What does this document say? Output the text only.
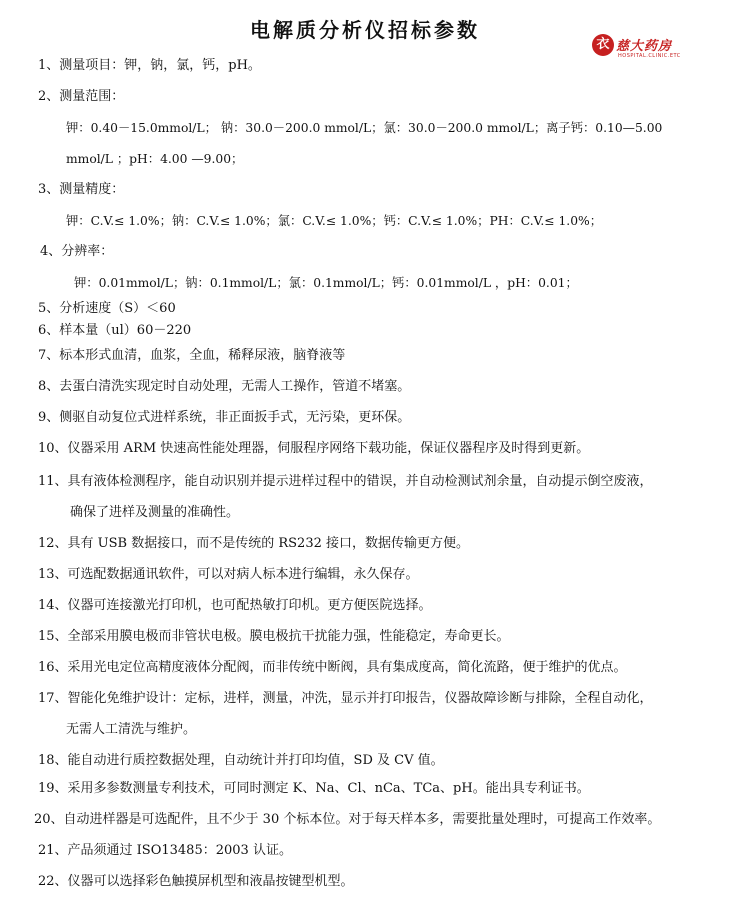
电解质分析仪招标参数
衣 慈大药房
HOSPITAL.CLINIC.ETC
1、测量项目：钾，钠，氯，钙，pH。
2、测量范围：
钾：0.40－15.0mmol/L； 钠：30.0－200.0 mmol/L；氯：30.0－200.0 mmol/L；离子钙：0.10—5.00
mmol/L ；pH：4.00 —9.00；
3、测量精度：
钾：C.V.≤ 1.0%；钠：C.V.≤ 1.0%；氯：C.V.≤ 1.0%；钙：C.V.≤ 1.0%；PH：C.V.≤ 1.0%；
4、分辨率：
钾：0.01mmol/L；钠：0.1mmol/L；氯：0.1mmol/L；钙：0.01mmol/L ，pH：0.01；
5、分析速度（S）＜60
6、样本量（ul）60－220
7、标本形式血清，血浆，全血，稀释尿液，脑脊液等
8、去蛋白清洗实现定时自动处理，无需人工操作，管道不堵塞。
9、侧驱自动复位式进样系统，非正面扳手式，无污染，更环保。
10、仪器采用 ARM 快速高性能处理器，伺服程序网络下载功能，保证仪器程序及时得到更新。
11、具有液体检测程序，能自动识别并提示进样过程中的错误，并自动检测试剂余量，自动提示倒空废液，
确保了进样及测量的准确性。
12、具有 USB 数据接口，而不是传统的 RS232 接口，数据传输更方便。
13、可选配数据通讯软件，可以对病人标本进行编辑，永久保存。
14、仪器可连接激光打印机，也可配热敏打印机。更方便医院选择。
15、全部采用膜电极而非管状电极。膜电极抗干扰能力强，性能稳定，寿命更长。
16、采用光电定位高精度液体分配阀，而非传统中断阀，具有集成度高，简化流路，便于维护的优点。
17、智能化免维护设计：定标，进样，测量，冲洗，显示并打印报告，仪器故障诊断与排除，全程自动化，
无需人工清洗与维护。
18、能自动进行质控数据处理，自动统计并打印均值，SD 及 CV 值。
19、采用多参数测量专利技术，可同时测定 K、Na、Cl、nCa、TCa、pH。能出具专利证书。
20、自动进样器是可选配件，且不少于 30 个标本位。对于每天样本多，需要批量处理时，可提高工作效率。
21、产品须通过 ISO13485：2003 认证。
22、仪器可以选择彩色触摸屏机型和液晶按键型机型。
